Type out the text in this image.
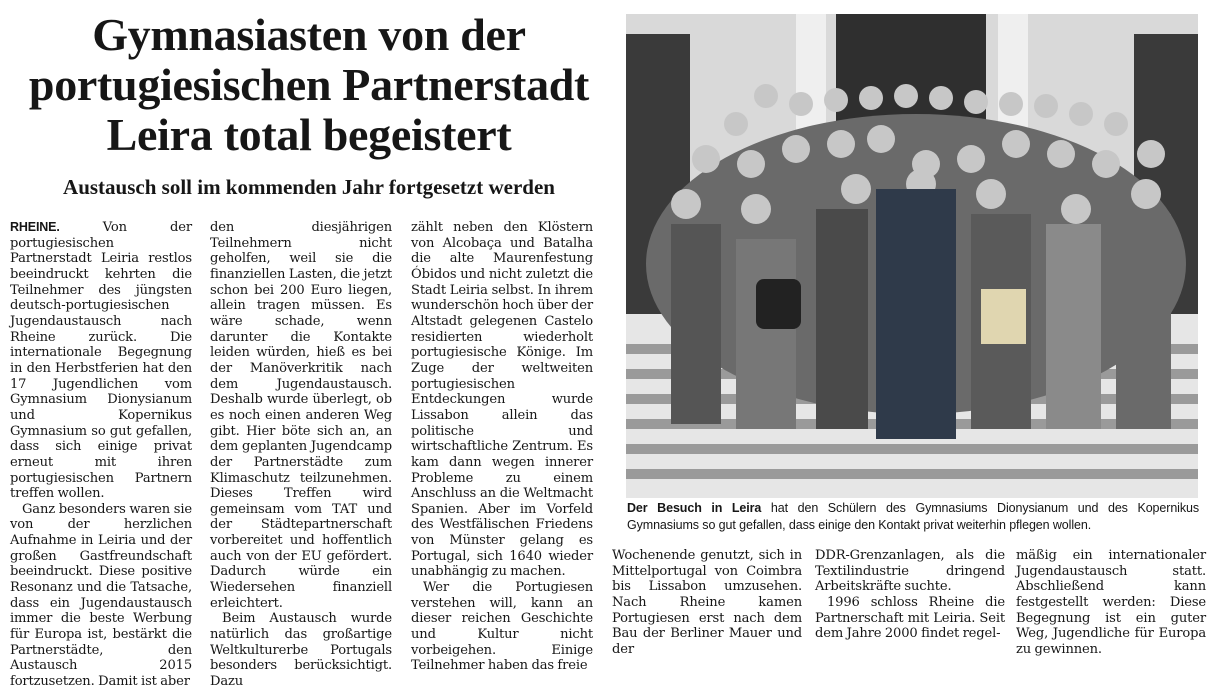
Gymnasiasten von der
portugiesischen Partnerstadt
Leira total begeistert
Austausch soll im kommenden Jahr fortgesetzt werden

RHEINE.	Von der portugiesischen Partnerstadt Leiria restlos beeindruckt kehrten die Teilnehmer des jüngsten deutsch-portugiesischen Jugendaustausch nach Rheine zurück. Die internationale Begegnung in den Herbstferien hat den 17 Jugendlichen vom Gymnasium Dionysianum und Kopernikus Gymnasium so gut gefallen, dass sich einige privat erneut mit ihren portugiesischen Partnern treffen wollen.

Ganz besonders waren sie von der herzlichen Aufnahme in Leiria und der großen Gastfreundschaft beeindruckt. Diese positive Resonanz und die Tatsache, dass ein Jugendaustausch immer die beste Werbung für Europa ist, bestärkt die Partnerstädte, den Austausch 2015 fortzusetzen. Damit ist aber

den diesjährigen Teilnehmern nicht geholfen, weil sie die finanziellen Lasten, die jetzt schon bei 200 Euro liegen, allein tragen müssen. Es wäre schade, wenn darunter die Kontakte leiden würden, hieß es bei der Manöverkritik nach dem Jugendaustausch. Deshalb wurde überlegt, ob es noch einen anderen Weg gibt. Hier böte sich an, an dem geplanten Jugendcamp der Partnerstädte zum Klimaschutz teilzunehmen. Dieses Treffen wird gemeinsam vom TAT und der Städtepartnerschaft vorbereitet und hoffentlich auch von der EU gefördert. Dadurch würde ein Wiedersehen finanziell erleichtert.

Beim Austausch wurde natürlich das großartige Weltkulturerbe Portugals besonders berücksichtigt. Dazu

zählt neben den Klöstern von Alcobaça und Batalha die alte Maurenfestung Óbidos und nicht zuletzt die Stadt Leiria selbst. In ihrem wunderschön hoch über der Altstadt gelegenen Castelo residierten wiederholt portugiesische Könige. Im Zuge der weltweiten portugiesischen Entdeckungen wurde Lissabon allein das politische und wirtschaftliche Zentrum. Es kam dann wegen innerer Probleme zu einem Anschluss an die Weltmacht Spanien. Aber im Vorfeld des Westfälischen Friedens von Münster gelang es Portugal, sich 1640 wieder unabhängig zu machen.

Wer die Portugiesen verstehen will, kann an dieser reichen Geschichte und Kultur nicht vorbeigehen. Einige Teilnehmer haben das freie

Wochenende genutzt, sich in Mittelportugal von Coimbra bis Lissabon umzusehen. Nach Rheine kamen Portugiesen erst nach dem Bau der Berliner Mauer und der

DDR-Grenzanlagen, als die Textilindustrie dringend Arbeitskräfte suchte.

1996 schloss Rheine die Partnerschaft mit Leiria. Seit dem Jahre 2000 findet regel-

mäßig ein internationaler Jugendaustausch statt. Abschließend kann festgestellt werden: Diese Begegnung ist ein guter Weg, Jugendliche für Europa zu gewinnen.

Der Besuch in Leira hat den Schülern des Gymnasiums Dionysianum und des Kopernikus Gymnasiums so gut gefallen, dass einige den Kontakt privat weiterhin pflegen wollen.
